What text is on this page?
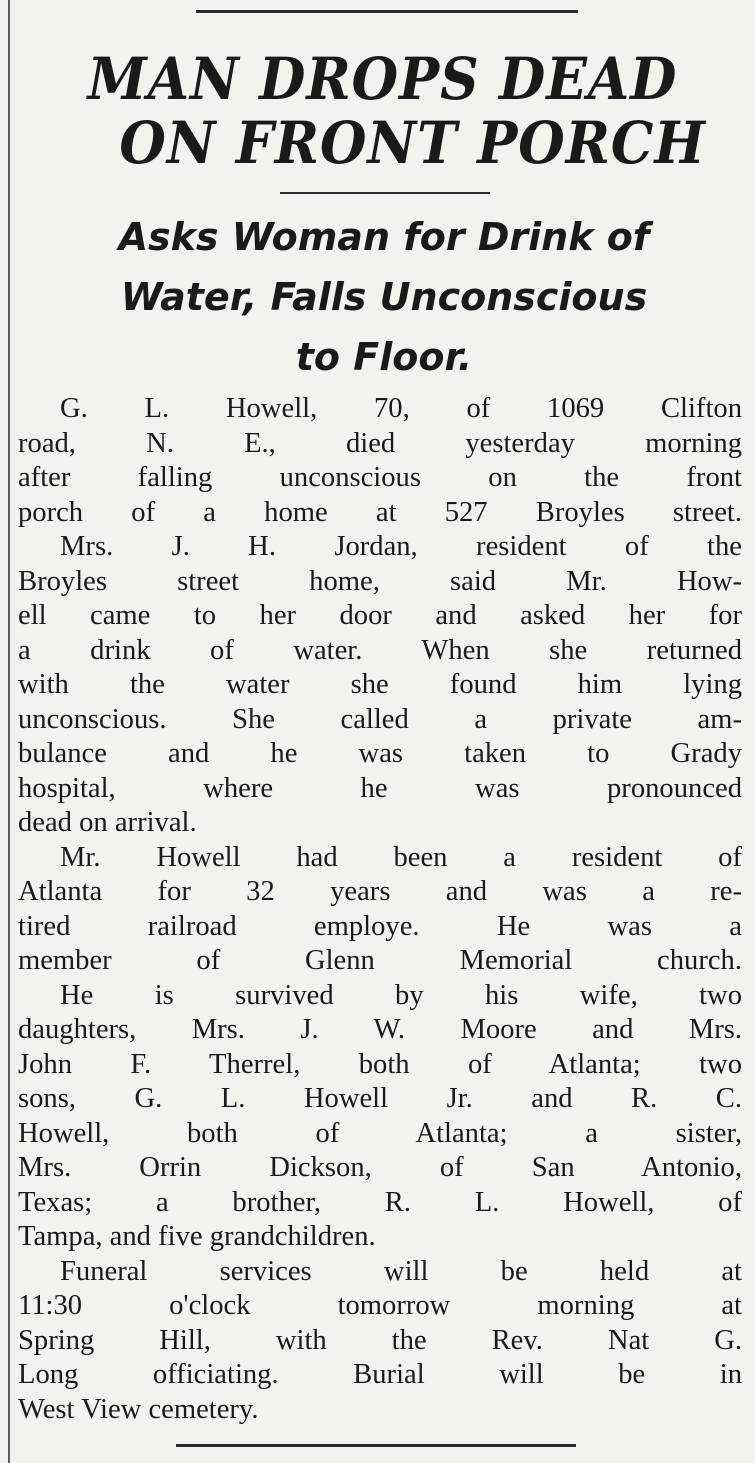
MAN DROPS DEAD
ON FRONT PORCH
Asks Woman for Drink of
Water, Falls Unconscious
to Floor.
G. L. Howell, 70, of 1069 Clifton
road, N. E., died yesterday morning
after falling unconscious on the front
porch of a home at 527 Broyles street.
Mrs. J. H. Jordan, resident of the
Broyles street home, said Mr. How-
ell came to her door and asked her for
a drink of water. When she returned
with the water she found him lying
unconscious. She called a private am-
bulance and he was taken to Grady
hospital, where he was pronounced
dead on arrival.
Mr. Howell had been a resident of
Atlanta for 32 years and was a re-
tired railroad employe. He was a
member of Glenn Memorial church.
He is survived by his wife, two
daughters, Mrs. J. W. Moore and Mrs.
John F. Therrel, both of Atlanta; two
sons, G. L. Howell Jr. and R. C.
Howell, both of Atlanta; a sister,
Mrs. Orrin Dickson, of San Antonio,
Texas; a brother, R. L. Howell, of
Tampa, and five grandchildren.
Funeral services will be held at
11:30 o'clock tomorrow morning at
Spring Hill, with the Rev. Nat G.
Long officiating. Burial will be in
West View cemetery.
